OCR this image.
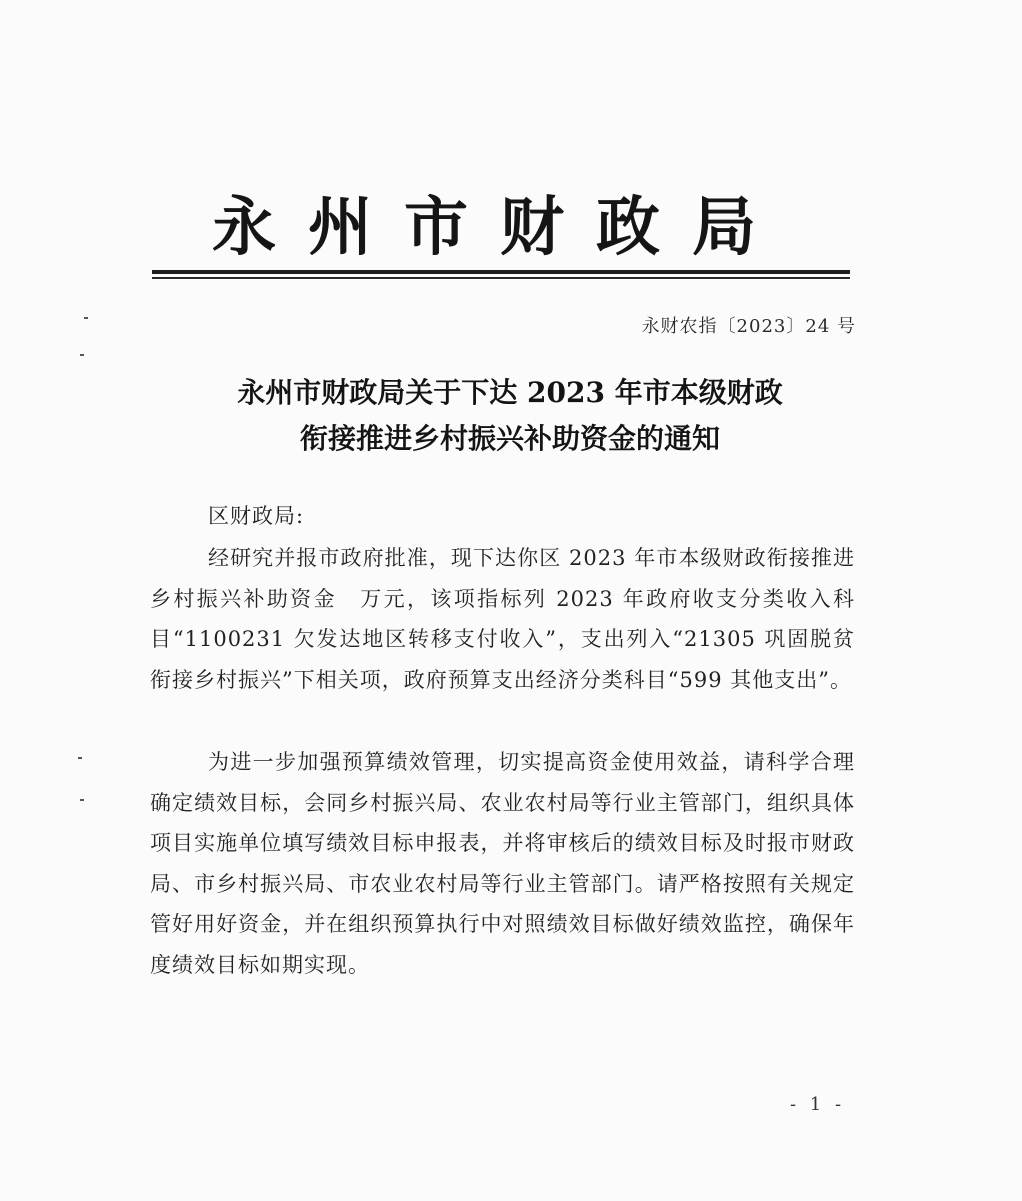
永州市财政局
永财农指〔2023〕24 号
永州市财政局关于下达 2023 年市本级财政
衔接推进乡村振兴补助资金的通知
区财政局:
经研究并报市政府批准，现下达你区 2023 年市本级财政衔接推进乡村振兴补助资金　万元，该项指标列 2023 年政府收支分类收入科目“1100231 欠发达地区转移支付收入”，支出列入“21305 巩固脱贫衔接乡村振兴”下相关项，政府预算支出经济分类科目“599 其他支出”。
为进一步加强预算绩效管理，切实提高资金使用效益，请科学合理确定绩效目标，会同乡村振兴局、农业农村局等行业主管部门，组织具体项目实施单位填写绩效目标申报表，并将审核后的绩效目标及时报市财政局、市乡村振兴局、市农业农村局等行业主管部门。请严格按照有关规定管好用好资金，并在组织预算执行中对照绩效目标做好绩效监控，确保年度绩效目标如期实现。
- 1 -
